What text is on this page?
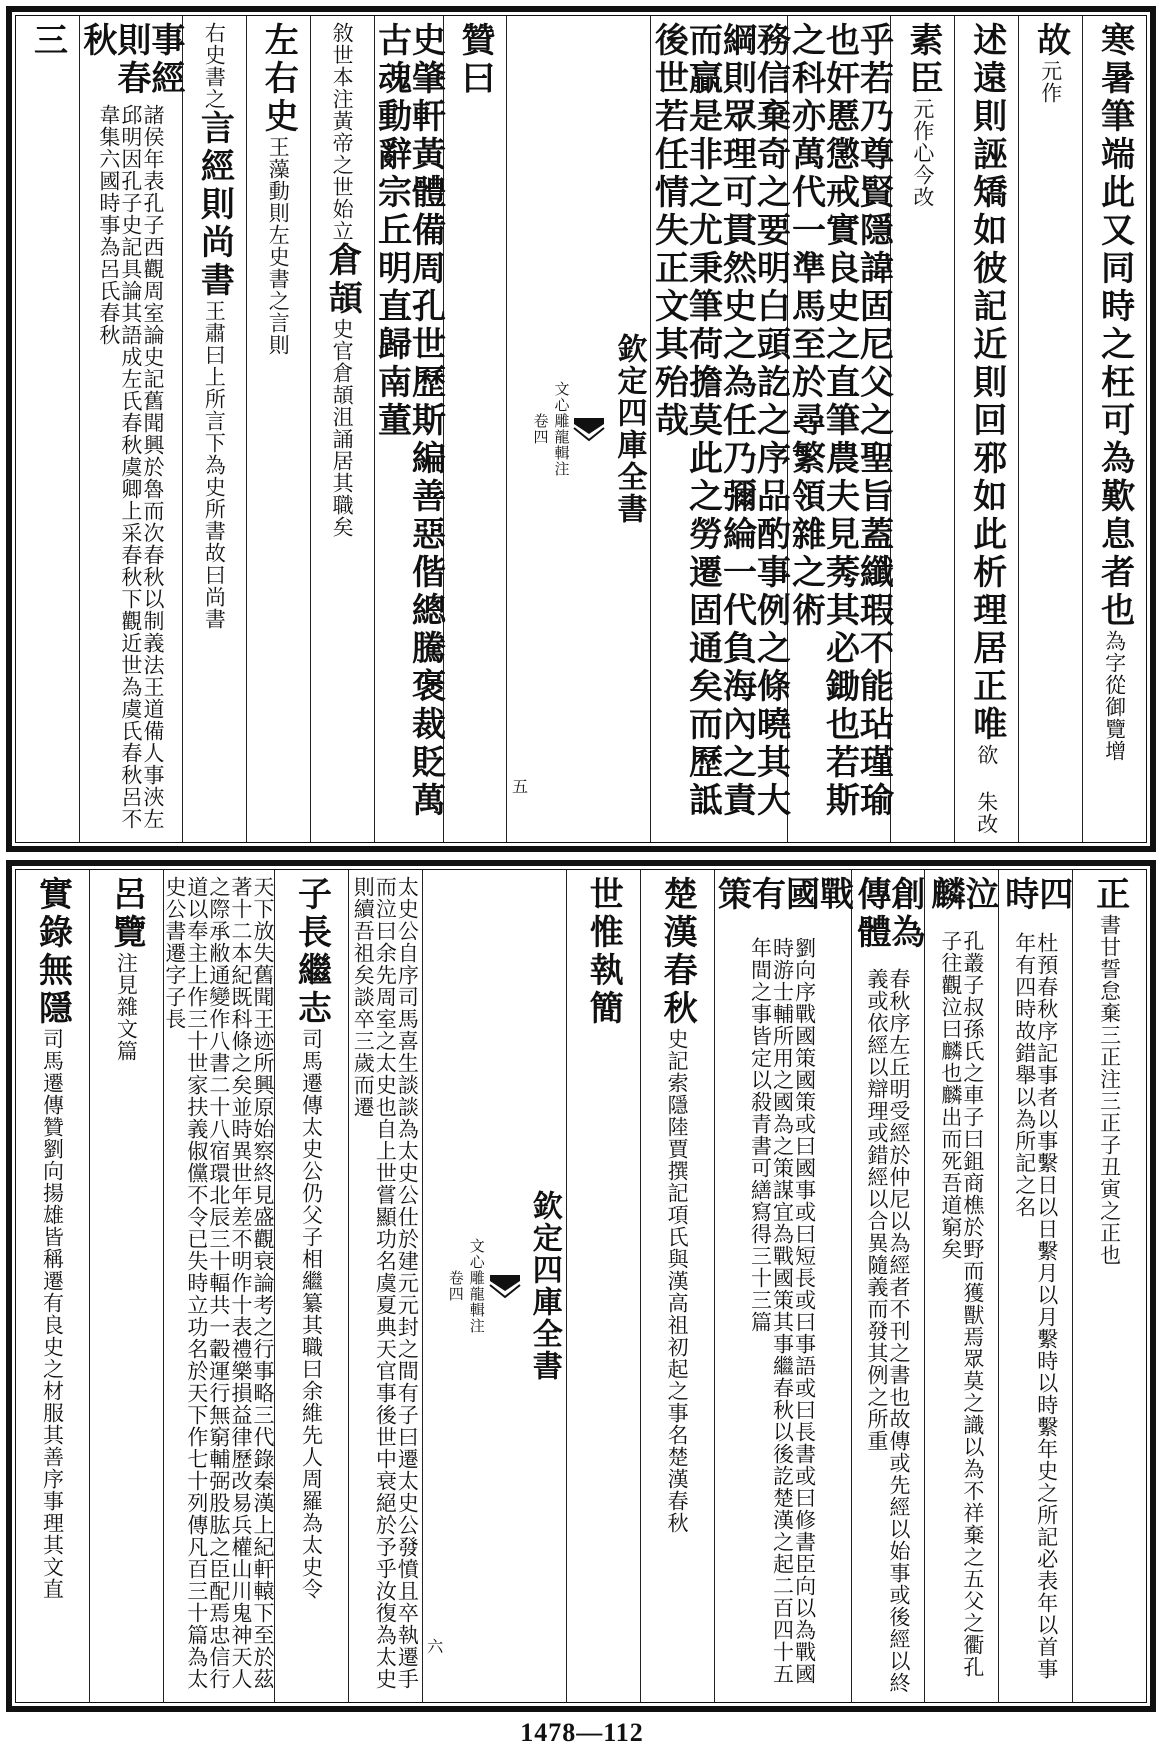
寒暑筆端此又同時之枉可為歎息者也
為字從御覽增
故
元作
述遠則誣矯如彼記近則回邪如此析理居正唯
欲 朱改
素臣
元作心今改
乎若乃尊賢隱諱固尼父之聖旨蓋纖瑕不能玷瑾瑜也奸慝懲戒實良史之直筆農夫見莠其必鋤也若斯之科亦萬代一準馬至於尋繁領雜之術
務信棄奇之要明白頭訖之序品酌事例之條曉其大綱則眾理可貫然史之為任乃彌綸一代負海內之責而贏是非之尤秉筆荷擔莫此之勞遷固通矣而歷詆後世若任情失正文其殆哉
欽定四庫全書
文心雕龍輯注
卷四
五
贊曰
史肇軒黃體備周孔世歷斯編善惡偕總騰褒裁貶萬古魂動辭宗丘明直歸南董
敘世本注黃帝之世始立
倉頡
史官倉頡沮誦居其職矣
左右史
王藻動則左史書之言則
右史書之
言經則尚書
王肅曰上所言下為史所書故曰尚書
事經則春秋
諸侯年表孔子西觀周室論史記舊聞興於魯而次春秋以制義法王道備人事浹左邱明因孔子史記具論其語成左氏春秋虞卿上采春秋下觀近世為虞氏春秋呂不韋集六國時事為呂氏春秋
三
正
書甘誓怠棄三正注三正子丑寅之正也
四時
杜預春秋序記事者以事繫日以日繫月以月繫時以時繫年史之所記必表年以首事年有四時故錯舉以為所記之名
泣麟
孔叢子叔孫氏之車子曰鉏商樵於野而獲獸焉眾莫之識以為不祥棄之五父之衢孔子往觀泣曰麟也麟出而死吾道窮矣
創為傳體
春秋序左丘明受經於仲尼以為經者不刊之書也故傳或先經以始事或後經以終義或依經以辯理或錯經以合異隨義而發其例之所重
戰國有策
劉向序戰國策國策或曰國事或曰短長或曰事語或曰長書或曰修書臣向以為戰國時游士輔所用之國為之策謀宜為戰國策其事繼春秋以後訖楚漢之起二百四十五年間之事皆定以殺青書可繕寫得三十三篇
楚漢春秋
史記索隱陸賈撰記項氏與漢高祖初起之事名楚漢春秋
世惟執簡
欽定四庫全書
文心雕龍輯注
卷四
六
太史公自序司馬喜生談談為太史公仕於建元元封之間有子曰遷太史公發憤且卒執遷手而泣曰余先周室之太史也自上世嘗顯功名虞夏典天官事後世中衰絕於予乎汝復為太史則續吾祖矣談卒三歲而遷
子長繼志
司馬遷傳太史公仍父子相繼纂其職曰余維先人周羅為太史令
天下放失舊聞王迹所興原始察終見盛觀衰論考之行事略三代錄秦漢上紀軒轅下至於茲著十二本紀既科條之矣並時異世年差不明作十表禮樂損益律歷改易兵權山川鬼神天人之際承敝通變作八書二十八宿環北辰三十輻共一轂運行無窮輔弼股肱之臣配焉忠信行道以奉主上作三十世家扶義俶儻不令已失時立功名於天下作七十列傳凡百三十篇為太史公書遷字子長
呂覽
注見雜文篇
實錄無隱
司馬遷傳贊劉向揚雄皆稱遷有良史之材服其善序事理其文直
1478—112
